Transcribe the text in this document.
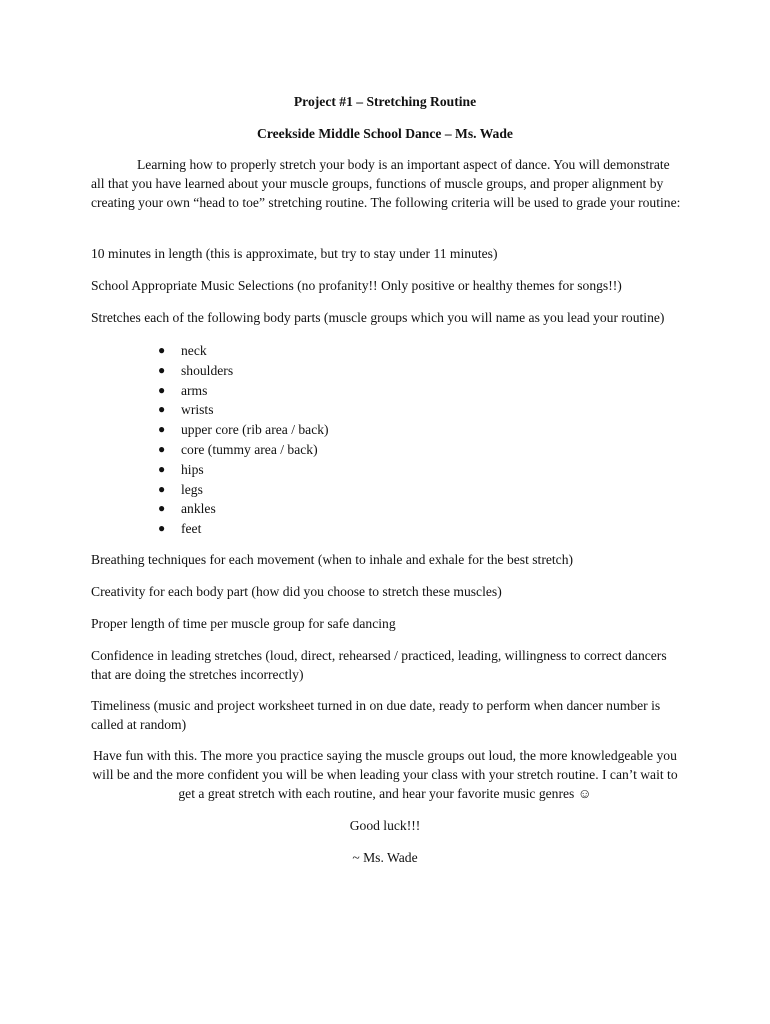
Project #1 – Stretching Routine
Creekside Middle School Dance – Ms. Wade

Learning how to properly stretch your body is an important aspect of dance. You will demonstrate all that you have learned about your muscle groups, functions of muscle groups, and proper alignment by creating your own “head to toe” stretching routine. The following criteria will be used to grade your routine:

10 minutes in length (this is approximate, but try to stay under 11 minutes)

School Appropriate Music Selections (no profanity!! Only positive or healthy themes for songs!!)

Stretches each of the following body parts (muscle groups which you will name as you lead your routine)

● neck
● shoulders
● arms
● wrists
● upper core (rib area / back)
● core (tummy area / back)
● hips
● legs
● ankles
● feet

Breathing techniques for each movement (when to inhale and exhale for the best stretch)

Creativity for each body part (how did you choose to stretch these muscles)

Proper length of time per muscle group for safe dancing

Confidence in leading stretches (loud, direct, rehearsed / practiced, leading, willingness to correct dancers that are doing the stretches incorrectly)

Timeliness (music and project worksheet turned in on due date, ready to perform when dancer number is called at random)

Have fun with this. The more you practice saying the muscle groups out loud, the more knowledgeable you will be and the more confident you will be when leading your class with your stretch routine. I can’t wait to get a great stretch with each routine, and hear your favorite music genres ☺

Good luck!!!
~ Ms. Wade
